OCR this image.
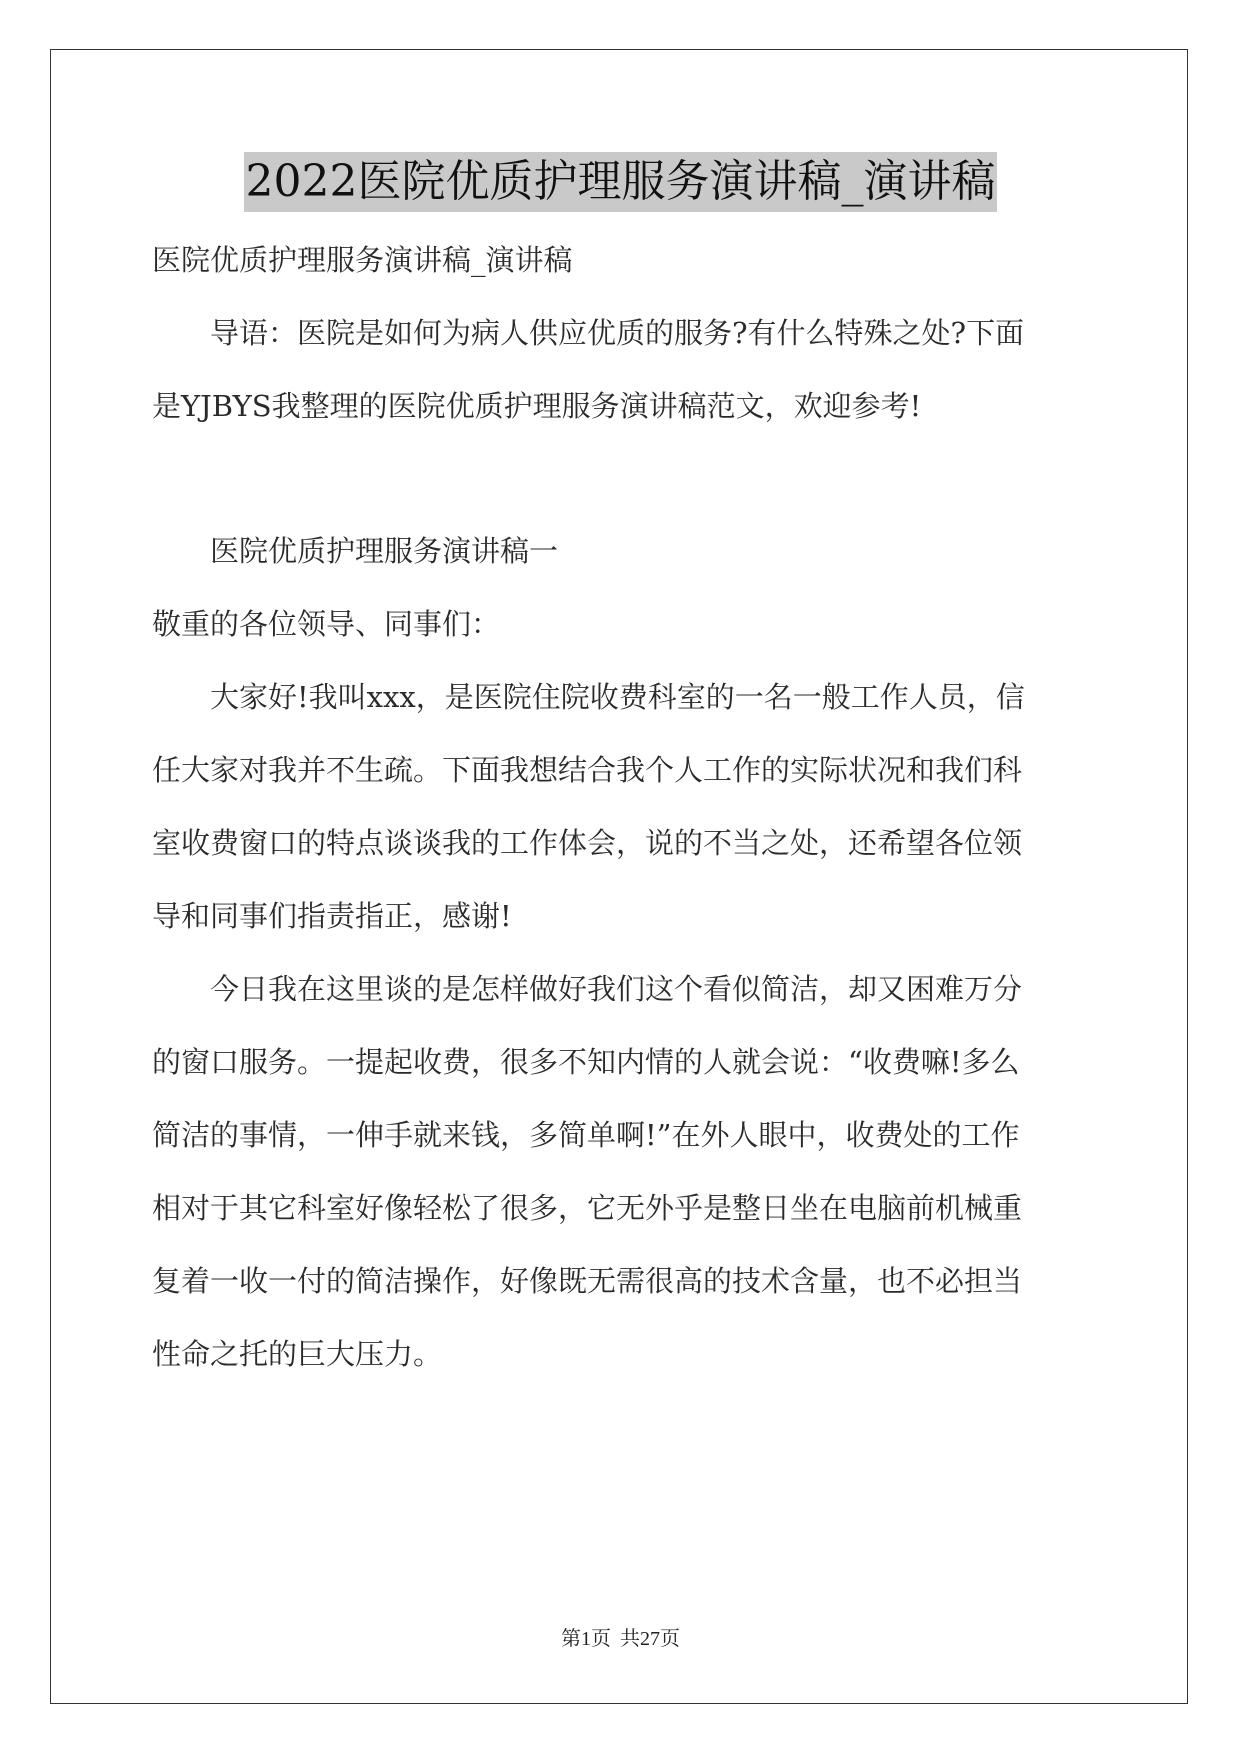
2022医院优质护理服务演讲稿_演讲稿
医院优质护理服务演讲稿_演讲稿
　　导语：医院是如何为病人供应优质的服务?有什么特殊之处?下面
是YJBYS我整理的医院优质护理服务演讲稿范文，欢迎参考!
　　医院优质护理服务演讲稿一
敬重的各位领导、同事们：
　　大家好!我叫xxx，是医院住院收费科室的一名一般工作人员，信
任大家对我并不生疏。下面我想结合我个人工作的实际状况和我们科
室收费窗口的特点谈谈我的工作体会，说的不当之处，还希望各位领
导和同事们指责指正，感谢!
　　今日我在这里谈的是怎样做好我们这个看似简洁，却又困难万分
的窗口服务。一提起收费，很多不知内情的人就会说：“收费嘛!多么
简洁的事情，一伸手就来钱，多简单啊!”在外人眼中，收费处的工作
相对于其它科室好像轻松了很多，它无外乎是整日坐在电脑前机械重
复着一收一付的简洁操作，好像既无需很高的技术含量，也不必担当
性命之托的巨大压力。
第1页 共27页
